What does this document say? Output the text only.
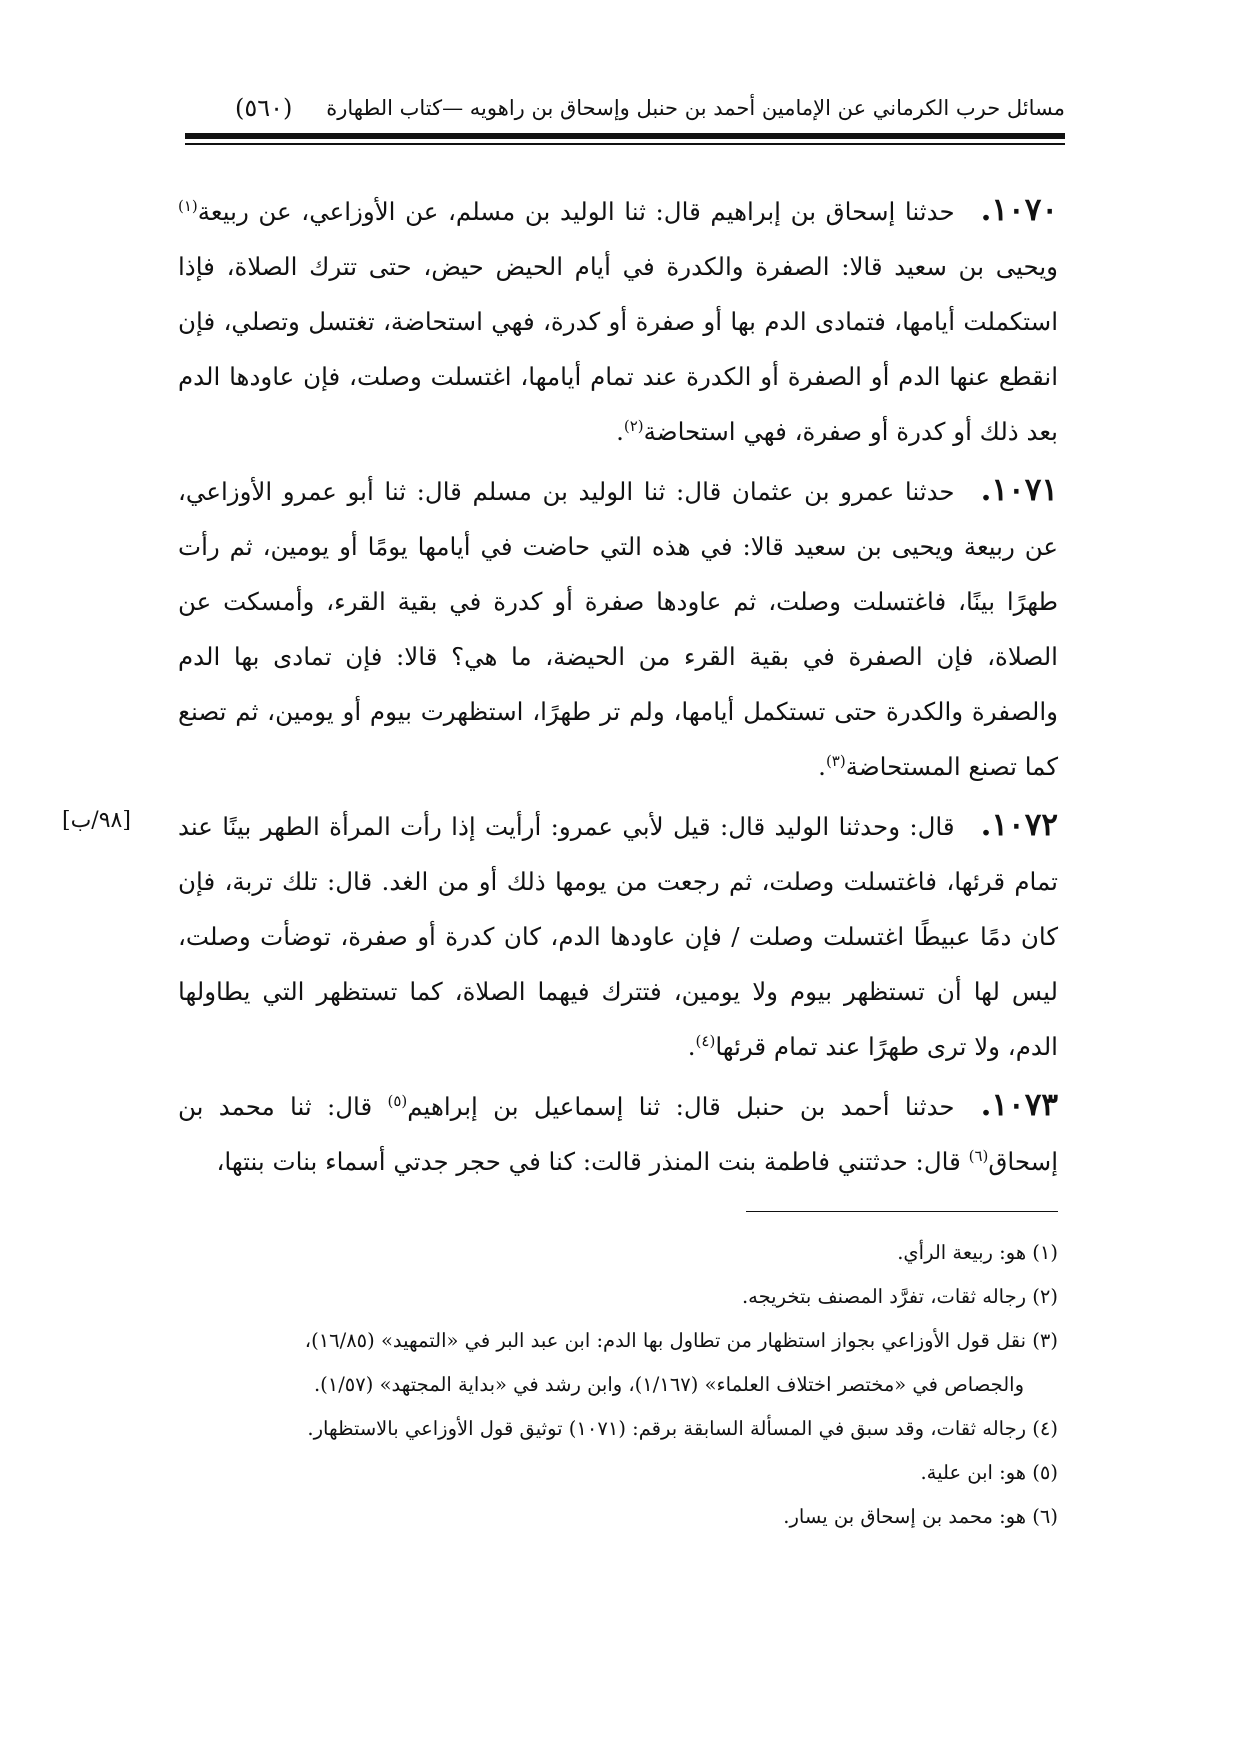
مسائل حرب الكرماني عن الإمامين أحمد بن حنبل وإسحاق بن راهويه —كتاب الطهارة
(٥٦٠)

١٠٧٠.حدثنا إسحاق بن إبراهيم قال: ثنا الوليد بن مسلم، عن الأوزاعي، عن ربيعة$^{(١)}$ ويحيى بن سعيد قالا: الصفرة والكدرة في أيام الحيض حيض، حتى تترك الصلاة، فإذا استكملت أيامها، فتمادى الدم بها أو صفرة أو كدرة، فهي استحاضة، تغتسل وتصلي، فإن انقطع عنها الدم أو الصفرة أو الكدرة عند تمام أيامها، اغتسلت وصلت، فإن عاودها الدم بعد ذلك أو كدرة أو صفرة، فهي استحاضة$^{(٢)}$.

١٠٧١.حدثنا عمرو بن عثمان قال: ثنا الوليد بن مسلم قال: ثنا أبو عمرو الأوزاعي، عن ربيعة ويحيى بن سعيد قالا: في هذه التي حاضت في أيامها يومًا أو يومين، ثم رأت طهرًا بينًا، فاغتسلت وصلت، ثم عاودها صفرة أو كدرة في بقية القرء، وأمسكت عن الصلاة، فإن الصفرة في بقية القرء من الحيضة، ما هي؟ قالا: فإن تمادى بها الدم والصفرة والكدرة حتى تستكمل أيامها، ولم تر طهرًا، استظهرت بيوم أو يومين، ثم تصنع كما تصنع المستحاضة$^{(٣)}$.

١٠٧٢.قال: وحدثنا الوليد قال: قيل لأبي عمرو: أرأيت إذا رأت المرأة الطهر بينًا عند تمام قرئها، فاغتسلت وصلت، ثم رجعت من يومها ذلك أو من الغد. قال: تلك تربة، فإن كان دمًا عبيطًا اغتسلت وصلت / فإن عاودها الدم، كان كدرة أو صفرة، توضأت وصلت، ليس لها أن تستظهر بيوم ولا يومين، فتترك فيهما الصلاة، كما تستظهر التي يطاولها الدم، ولا ترى طهرًا عند تمام قرئها$^{(٤)}$.

١٠٧٣.حدثنا أحمد بن حنبل قال: ثنا إسماعيل بن إبراهيم$^{(٥)}$ قال: ثنا محمد بن إسحاق$^{(٦)}$ قال: حدثتني فاطمة بنت المنذر قالت: كنا في حجر جدتي أسماء بنات بنتها،

[٩٨/ب]

(١) هو: ربيعة الرأي.

(٢) رجاله ثقات، تفرَّد المصنف بتخريجه.

(٣) نقل قول الأوزاعي بجواز استظهار من تطاول بها الدم: ابن عبد البر في «التمهيد» (١٦/٨٥)،

والجصاص في «مختصر اختلاف العلماء» (١/١٦٧)، وابن رشد في «بداية المجتهد» (١/٥٧).

(٤) رجاله ثقات، وقد سبق في المسألة السابقة برقم: (١٠٧١) توثيق قول الأوزاعي بالاستظهار.

(٥) هو: ابن علية.

(٦) هو: محمد بن إسحاق بن يسار.
